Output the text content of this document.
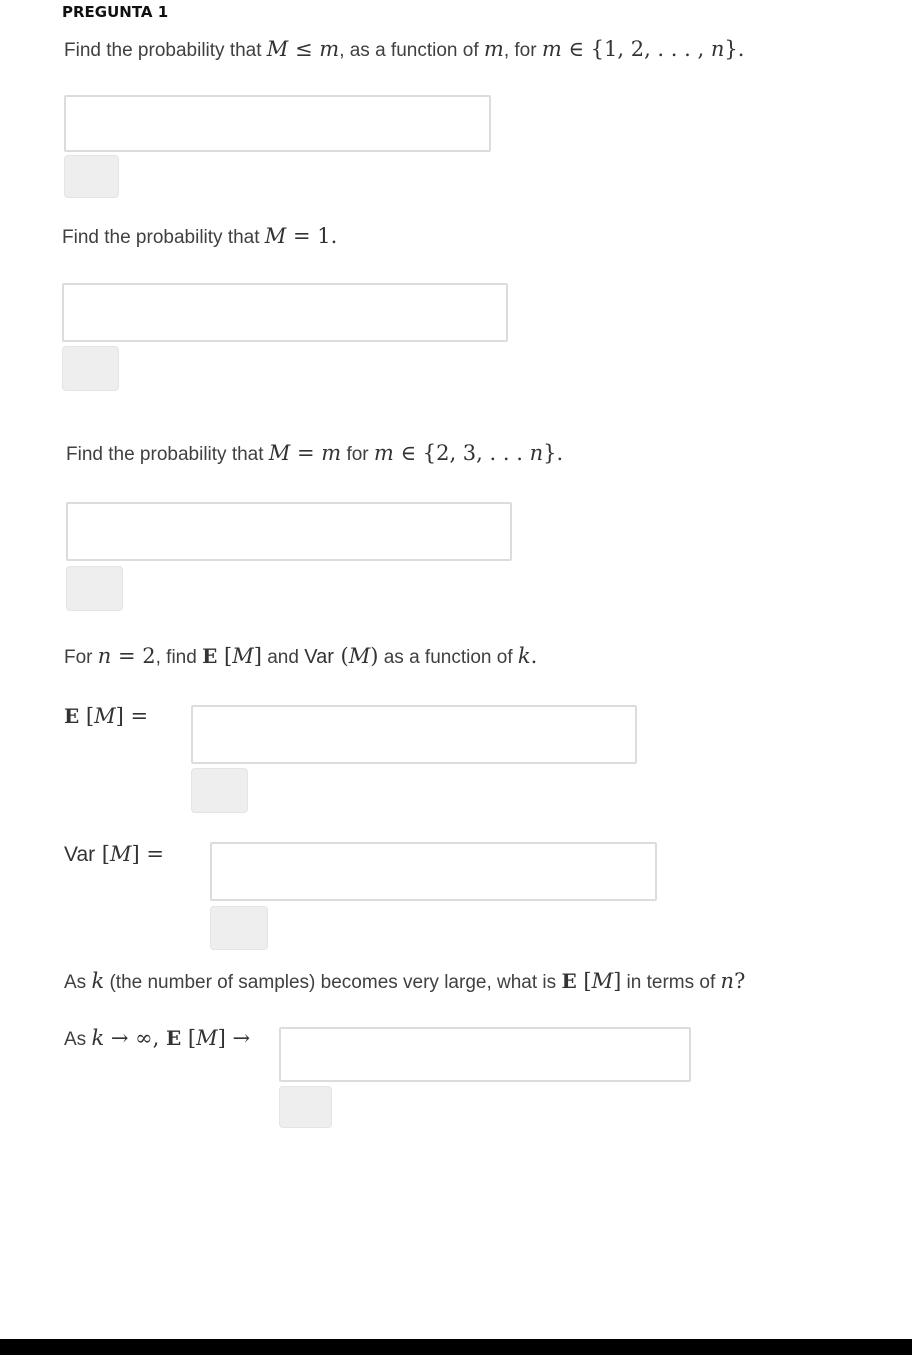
PREGUNTA 1
Find the probability that M ≤ m, as a function of m, for m ∈ {1, 2, . . . , n}.
Find the probability that M = 1.
Find the probability that M = m for m ∈ {2, 3, . . . n}.
For n = 2, find E [M] and Var (M) as a function of k.
E [M] =
Var [M] =
As k (the number of samples) becomes very large, what is E [M] in terms of n?
As k → ∞, E [M] →
